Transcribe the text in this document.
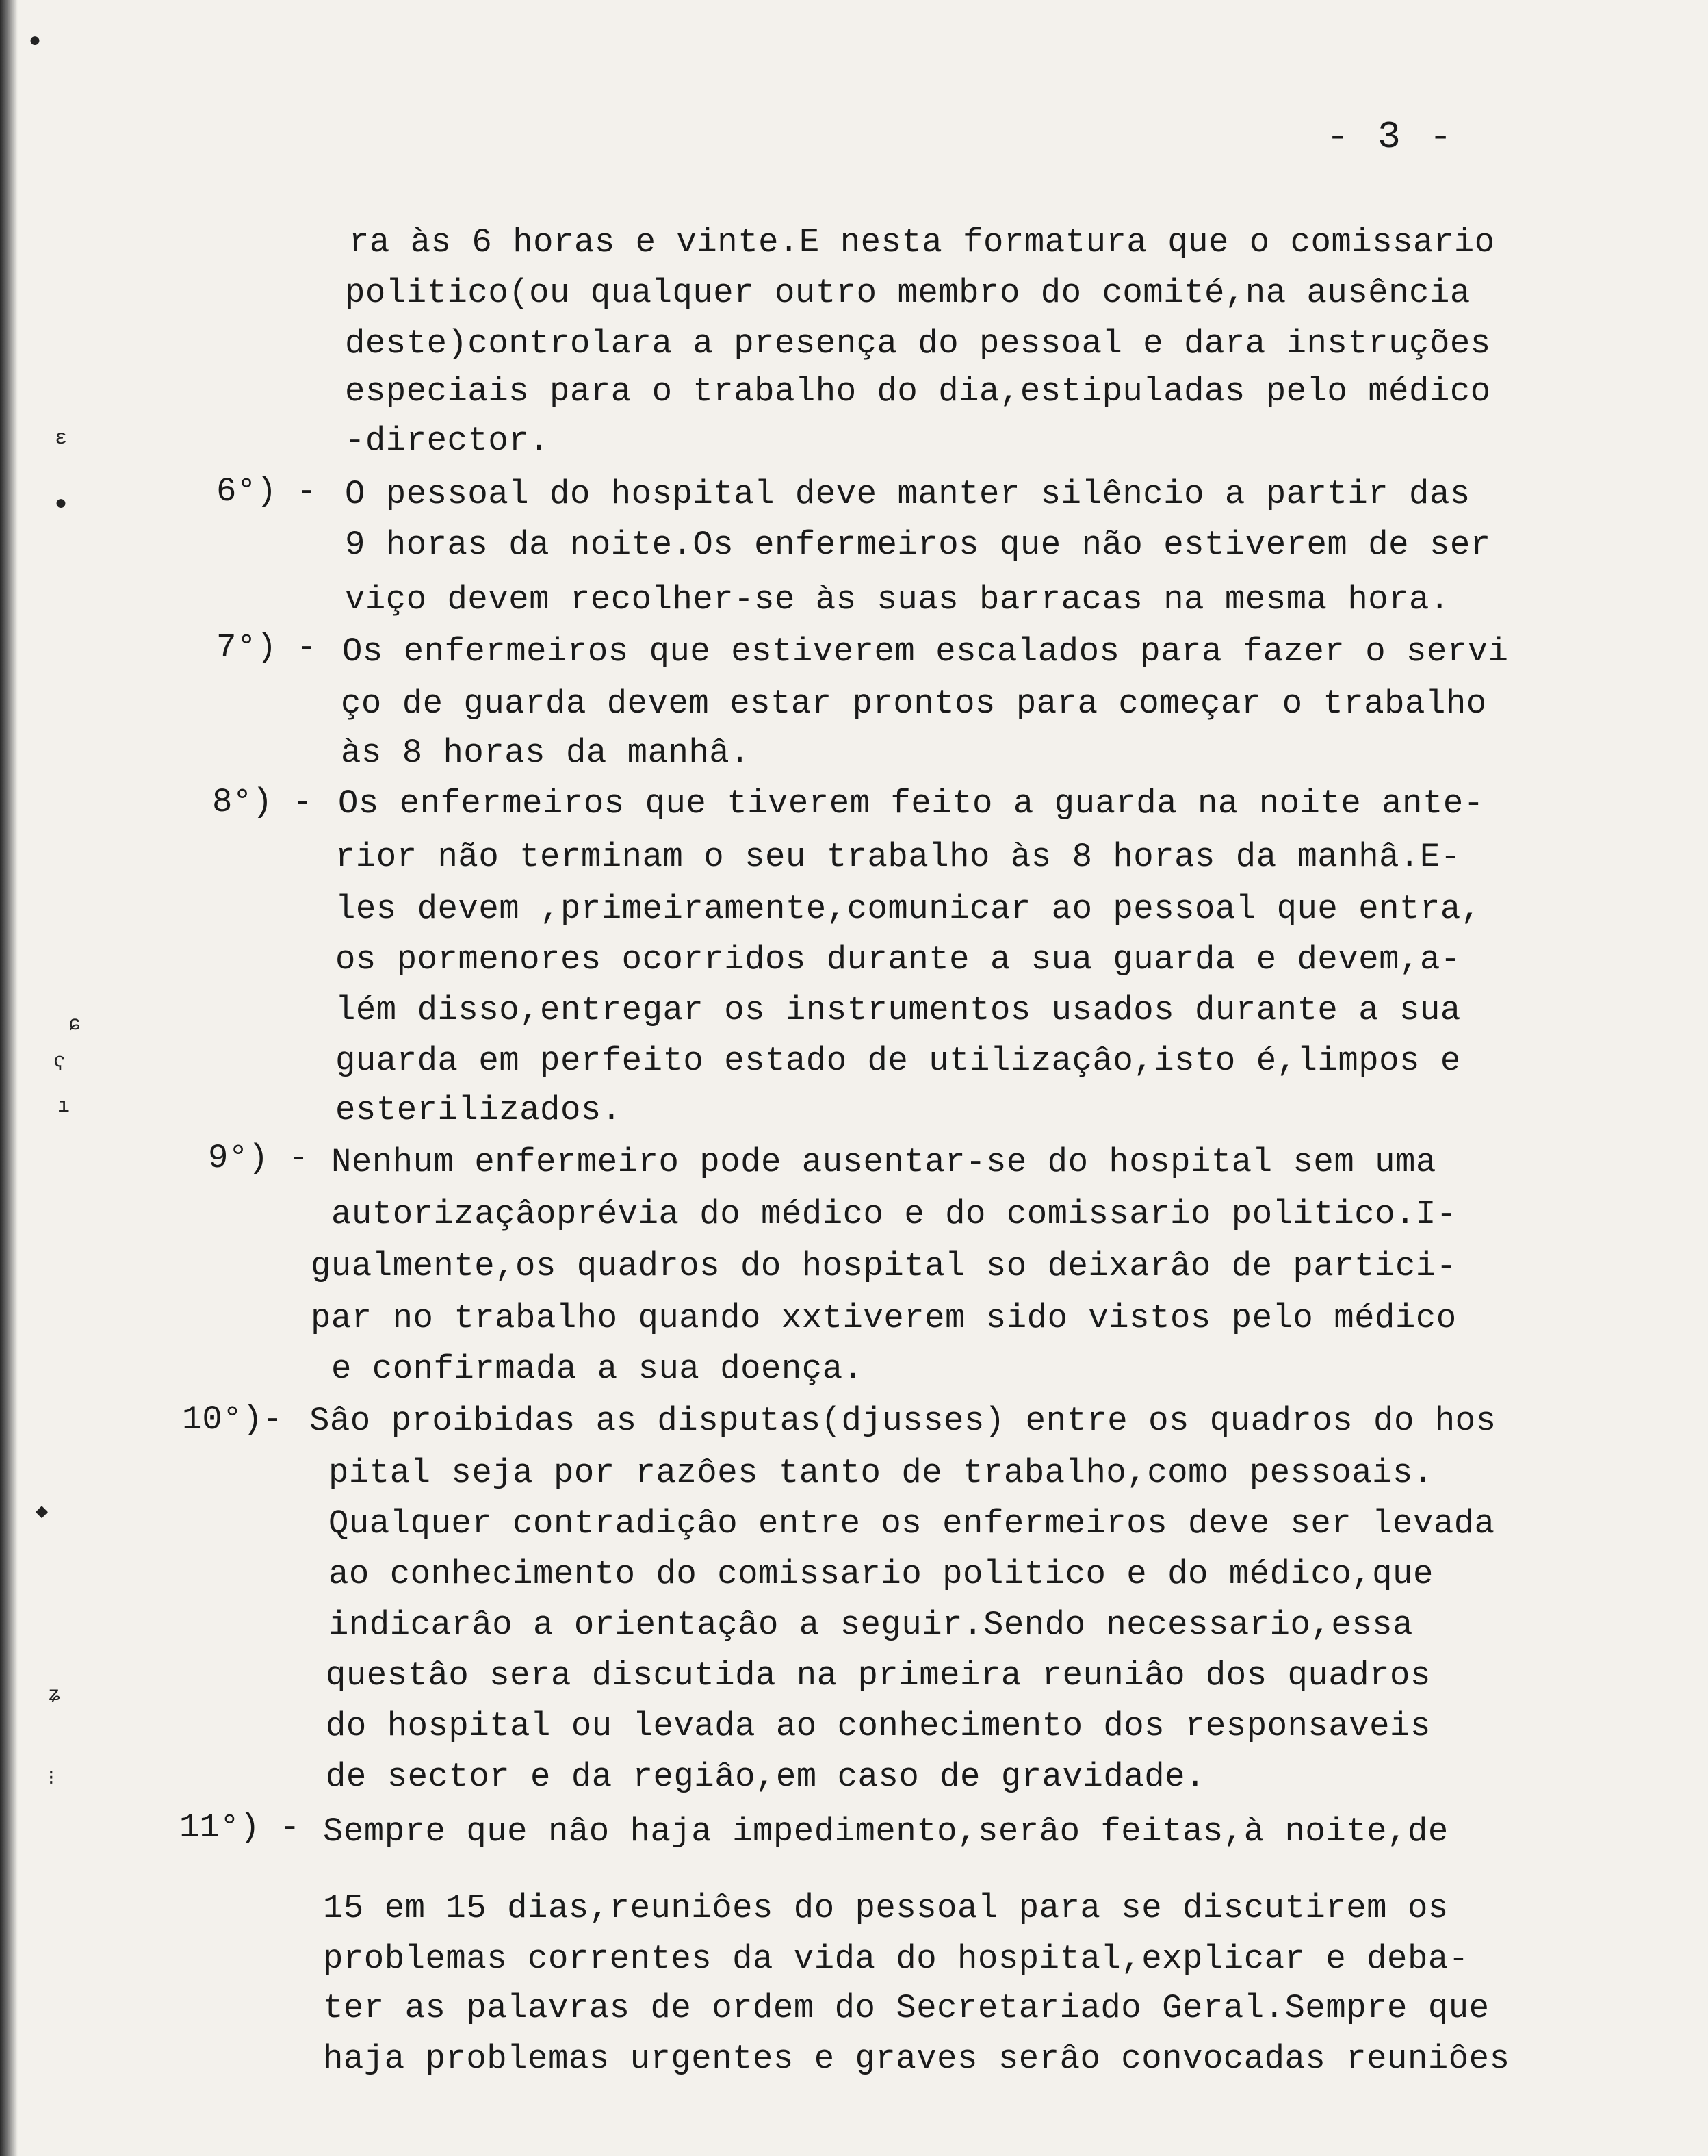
- 3 -
ra às 6 horas e vinte.E nesta formatura que o comissario
politico(ou qualquer outro membro do comité,na ausência
deste)controlara a presença do pessoal e dara instruções
especiais para o trabalho do dia,estipuladas pelo médico
-director.
6°) - O pessoal do hospital deve manter silêncio a partir das
9 horas da noite.Os enfermeiros que não estiverem de ser
viço devem recolher-se às suas barracas na mesma hora.
7°) - Os enfermeiros que estiverem escalados para fazer o servi
ço de guarda devem estar prontos para começar o trabalho
às 8 horas da manhâ.
8°) - Os enfermeiros que tiverem feito a guarda na noite ante-
rior não terminam o seu trabalho às 8 horas da manhâ.E-
les devem ,primeiramente,comunicar ao pessoal que entra,
os pormenores ocorridos durante a sua guarda e devem,a-
lém disso,entregar os instrumentos usados durante a sua
guarda em perfeito estado de utilizaçâo,isto é,limpos e
esterilizados.
9°) - Nenhum enfermeiro pode ausentar-se do hospital sem uma
autorizaçâoprévia do médico e do comissario politico.I-
gualmente,os quadros do hospital so deixarâo de partici-
par no trabalho quando xxtiverem sido vistos pelo médico
e confirmada a sua doença.
10°)- Sâo proibidas as disputas(djusses) entre os quadros do hos
pital seja por razôes tanto de trabalho,como pessoais.
Qualquer contradiçâo entre os enfermeiros deve ser levada
ao conhecimento do comissario politico e do médico,que
indicarâo a orientaçâo a seguir.Sendo necessario,essa
questâo sera discutida na primeira reuniâo dos quadros
do hospital ou levada ao conhecimento dos responsaveis
de sector e da regiâo,em caso de gravidade.
11°) - Sempre que nâo haja impedimento,serâo feitas,à noite,de
15 em 15 dias,reuniôes do pessoal para se discutirem os
problemas correntes da vida do hospital,explicar e deba-
ter as palavras de ordem do Secretariado Geral.Sempre que
haja problemas urgentes e graves serâo convocadas reuniôes
●
ɛ
●
ɕ
ʕ
ı
◆
ʑ
⁝
